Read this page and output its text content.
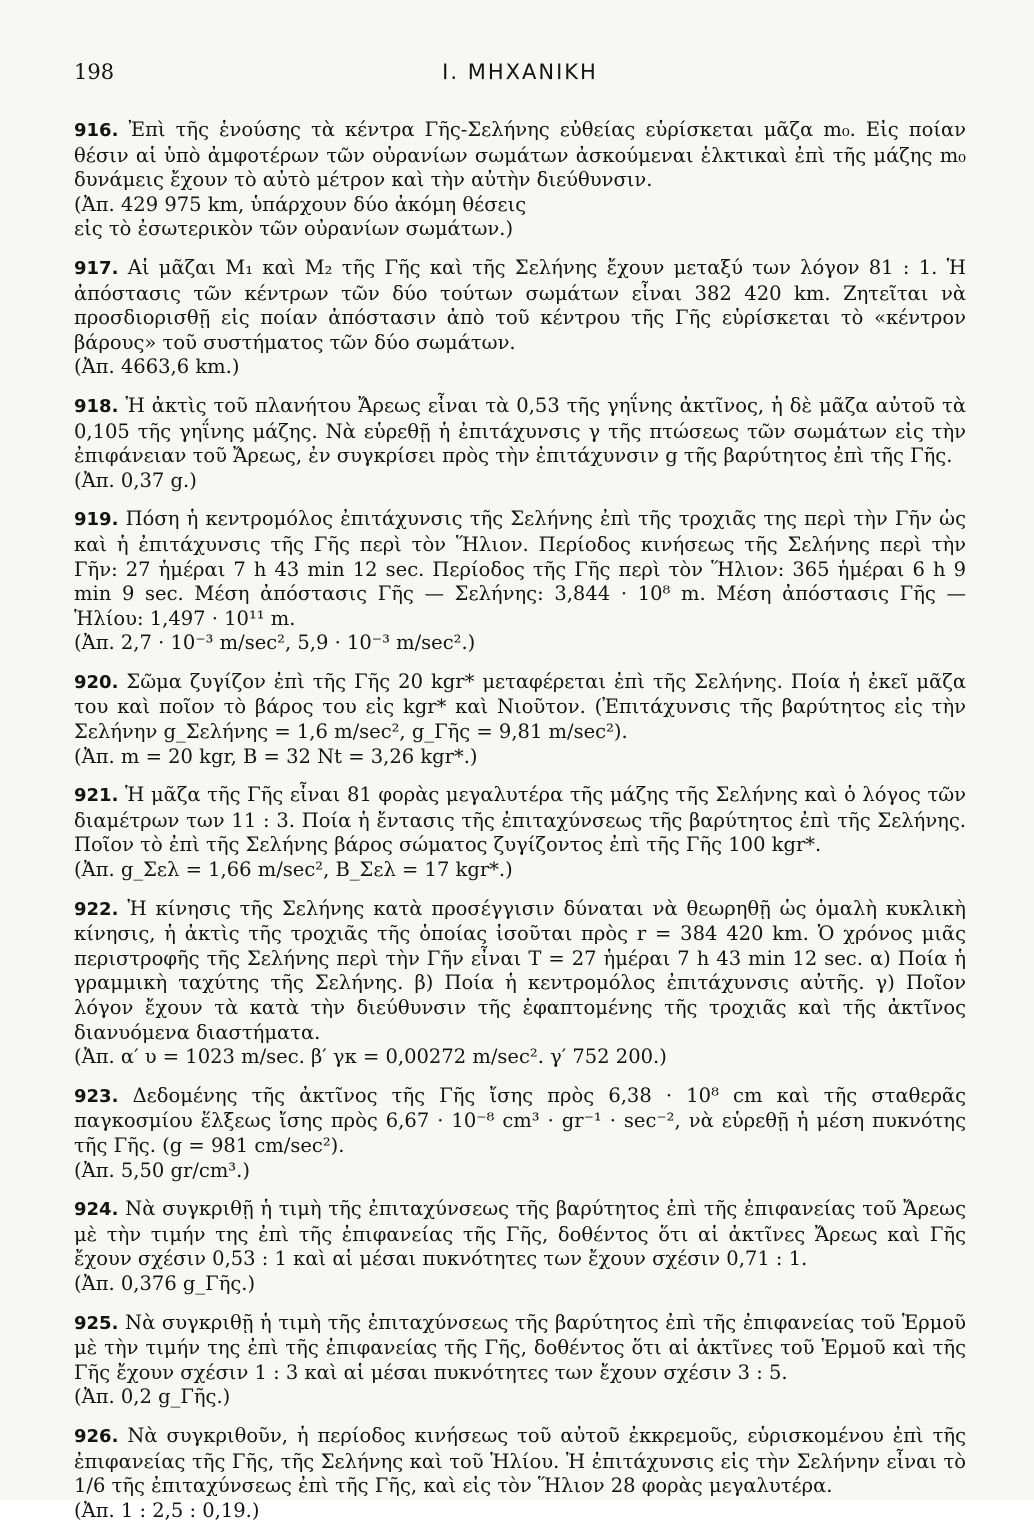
198	Ι. ΜΗΧΑΝΙΚΗ

916. Ἐπὶ τῆς ἑνούσης τὰ κέντρα Γῆς-Σελήνης εὐθείας εὑρίσκεται μᾶζα m₀. Εἰς ποίαν θέσιν αἱ ὑπὸ ἀμφοτέρων τῶν οὐρανίων σωμάτων ἀσκούμεναι ἑλκτικαὶ ἐπὶ τῆς μάζης m₀ δυνάμεις ἔχουν τὸ αὐτὸ μέτρον καὶ τὴν αὐτὴν διεύθυνσιν.

(Ἀπ. 429 975 km, ὑπάρχουν δύο ἀκόμη θέσεις

εἰς τὸ ἐσωτερικὸν τῶν οὐρανίων σωμάτων.)

917. Αἱ μᾶζαι M₁ καὶ M₂ τῆς Γῆς καὶ τῆς Σελήνης ἔχουν μεταξύ των λόγον 81 : 1. Ἡ ἀπόστασις τῶν κέντρων τῶν δύο τούτων σωμάτων εἶναι 382 420 km. Ζητεῖται νὰ προσδιορισθῇ εἰς ποίαν ἀπόστασιν ἀπὸ τοῦ κέντρου τῆς Γῆς εὑρίσκεται τὸ «κέντρον βάρους» τοῦ συστήματος τῶν δύο σωμάτων.

(Ἀπ. 4663,6 km.)

918. Ἡ ἀκτὶς τοῦ πλανήτου Ἄρεως εἶναι τὰ 0,53 τῆς γηΐνης ἀκτῖνος, ἡ δὲ μᾶζα αὐτοῦ τὰ 0,105 τῆς γηΐνης μάζης. Νὰ εὑρεθῇ ἡ ἐπιτάχυνσις γ τῆς πτώσεως τῶν σωμάτων εἰς τὴν ἐπιφάνειαν τοῦ Ἄρεως, ἐν συγκρίσει πρὸς τὴν ἐπιτάχυνσιν g τῆς βαρύτητος ἐπὶ τῆς Γῆς.

(Ἀπ. 0,37 g.)

919. Πόση ἡ κεντρομόλος ἐπιτάχυνσις τῆς Σελήνης ἐπὶ τῆς τροχιᾶς της περὶ τὴν Γῆν ὡς καὶ ἡ ἐπιτάχυνσις τῆς Γῆς περὶ τὸν Ἥλιον. Περίοδος κινήσεως τῆς Σελήνης περὶ τὴν Γῆν: 27 ἡμέραι 7 h 43 min 12 sec. Περίοδος τῆς Γῆς περὶ τὸν Ἥλιον: 365 ἡμέραι 6 h 9 min 9 sec. Μέση ἀπόστασις Γῆς — Σελήνης: 3,844 · 10⁸ m. Μέση ἀπόστασις Γῆς — Ἡλίου: 1,497 · 10¹¹ m.

(Ἀπ. 2,7 · 10⁻³ m/sec², 5,9 · 10⁻³ m/sec².)

920. Σῶμα ζυγίζον ἐπὶ τῆς Γῆς 20 kgr* μεταφέρεται ἐπὶ τῆς Σελήνης. Ποία ἡ ἐκεῖ μᾶζα του καὶ ποῖον τὸ βάρος του εἰς kgr* καὶ Νιοῦτον. (Ἐπιτάχυνσις τῆς βαρύτητος εἰς τὴν Σελήνην g_Σελήνης = 1,6 m/sec², g_Γῆς = 9,81 m/sec²).

(Ἀπ. m = 20 kgr, B = 32 Nt = 3,26 kgr*.)

921. Ἡ μᾶζα τῆς Γῆς εἶναι 81 φορὰς μεγαλυτέρα τῆς μάζης τῆς Σελήνης καὶ ὁ λόγος τῶν διαμέτρων των 11 : 3. Ποία ἡ ἔντασις τῆς ἐπιταχύνσεως τῆς βαρύτητος ἐπὶ τῆς Σελήνης. Ποῖον τὸ ἐπὶ τῆς Σελήνης βάρος σώματος ζυγίζοντος ἐπὶ τῆς Γῆς 100 kgr*.

(Ἀπ. g_Σελ = 1,66 m/sec², B_Σελ = 17 kgr*.)

922. Ἡ κίνησις τῆς Σελήνης κατὰ προσέγγισιν δύναται νὰ θεωρηθῇ ὡς ὁμαλὴ κυκλικὴ κίνησις, ἡ ἀκτὶς τῆς τροχιᾶς τῆς ὁποίας ἰσοῦται πρὸς r = 384 420 km. Ὁ χρόνος μιᾶς περιστροφῆς τῆς Σελήνης περὶ τὴν Γῆν εἶναι T = 27 ἡμέραι 7 h 43 min 12 sec. α) Ποία ἡ γραμμικὴ ταχύτης τῆς Σελήνης. β) Ποία ἡ κεντρομόλος ἐπιτάχυνσις αὐτῆς. γ) Ποῖον λόγον ἔχουν τὰ κατὰ τὴν διεύθυνσιν τῆς ἐφαπτομένης τῆς τροχιᾶς καὶ τῆς ἀκτῖνος διανυόμενα διαστήματα.

(Ἀπ. α′ υ = 1023 m/sec. β′ γκ = 0,00272 m/sec². γ′ 752 200.)

923. Δεδομένης τῆς ἀκτῖνος τῆς Γῆς ἴσης πρὸς 6,38 · 10⁸ cm καὶ τῆς σταθερᾶς παγκοσμίου ἕλξεως ἴσης πρὸς 6,67 · 10⁻⁸ cm³ · gr⁻¹ · sec⁻², νὰ εὑρεθῇ ἡ μέση πυκνότης τῆς Γῆς. (g = 981 cm/sec²).

(Ἀπ. 5,50 gr/cm³.)

924. Νὰ συγκριθῇ ἡ τιμὴ τῆς ἐπιταχύνσεως τῆς βαρύτητος ἐπὶ τῆς ἐπιφανείας τοῦ Ἄρεως μὲ τὴν τιμήν της ἐπὶ τῆς ἐπιφανείας τῆς Γῆς, δοθέντος ὅτι αἱ ἀκτῖνες Ἄρεως καὶ Γῆς ἔχουν σχέσιν 0,53 : 1 καὶ αἱ μέσαι πυκνότητες των ἔχουν σχέσιν 0,71 : 1.

(Ἀπ. 0,376 g_Γῆς.)

925. Νὰ συγκριθῇ ἡ τιμὴ τῆς ἐπιταχύνσεως τῆς βαρύτητος ἐπὶ τῆς ἐπιφανείας τοῦ Ἑρμοῦ μὲ τὴν τιμήν της ἐπὶ τῆς ἐπιφανείας τῆς Γῆς, δοθέντος ὅτι αἱ ἀκτῖνες τοῦ Ἑρμοῦ καὶ τῆς Γῆς ἔχουν σχέσιν 1 : 3 καὶ αἱ μέσαι πυκνότητες των ἔχουν σχέσιν 3 : 5.

(Ἀπ. 0,2 g_Γῆς.)

926. Νὰ συγκριθοῦν, ἡ περίοδος κινήσεως τοῦ αὐτοῦ ἐκκρεμοῦς, εὑρισκομένου ἐπὶ τῆς ἐπιφανείας τῆς Γῆς, τῆς Σελήνης καὶ τοῦ Ἡλίου. Ἡ ἐπιτάχυνσις εἰς τὴν Σελήνην εἶναι τὸ 1/6 τῆς ἐπιταχύνσεως ἐπὶ τῆς Γῆς, καὶ εἰς τὸν Ἥλιον 28 φορὰς μεγαλυτέρα.

(Ἀπ. 1 : 2,5 : 0,19.)
